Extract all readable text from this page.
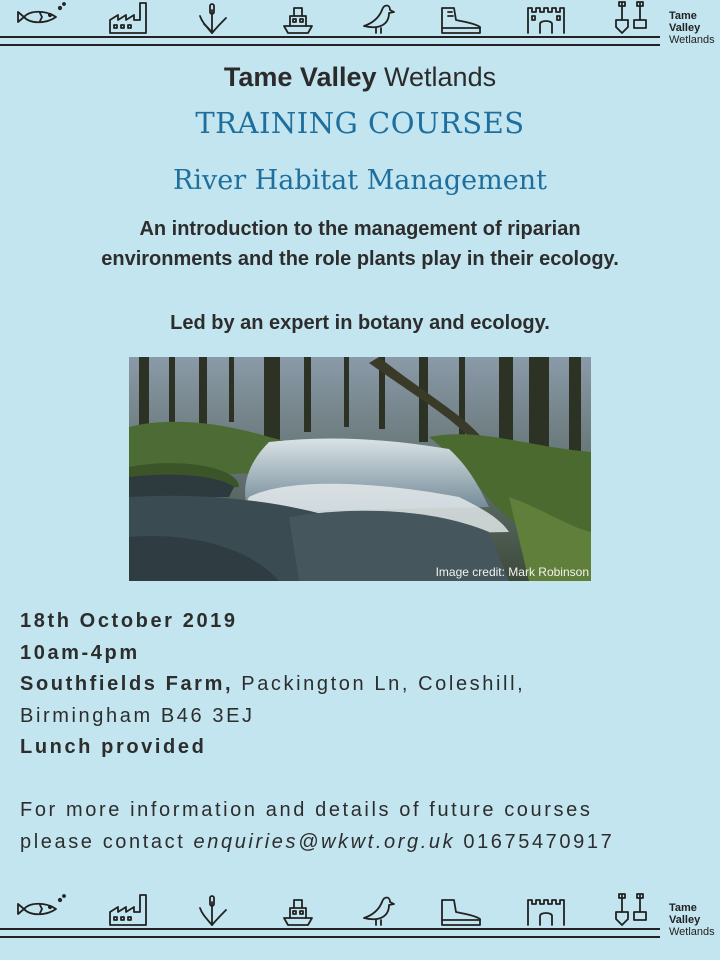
Tame
Valley
Wetlands
Tame Valley Wetlands
TRAINING COURSES
River Habitat Management
An introduction to the management of riparian
environments and the role plants play in their ecology.
Led by an expert in botany and ecology.
Image credit: Mark Robinson
18th October 2019
10am-4pm
Southfields Farm, Packington Ln, Coleshill,
Birmingham B46 3EJ
Lunch provided
For more information and details of future courses
please contact enquiries@wkwt.org.uk 01675470917
Tame
Valley
Wetlands
